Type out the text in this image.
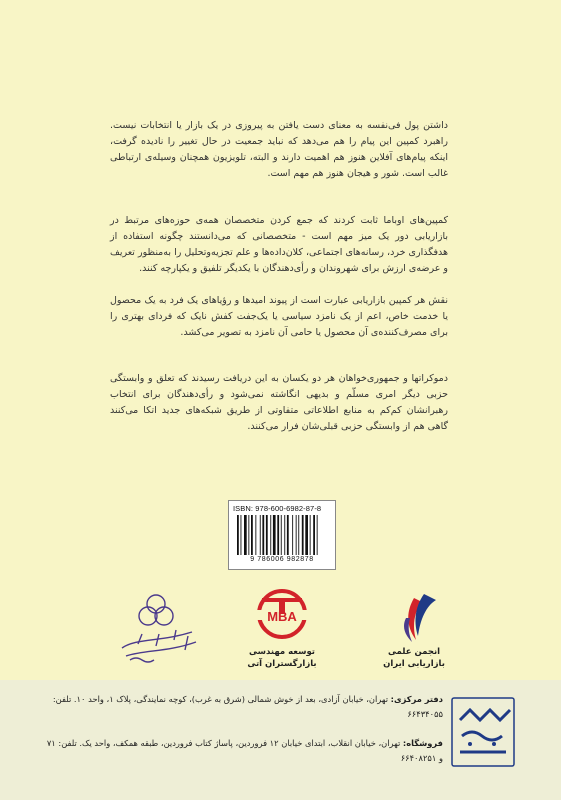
داشتن پول فی‌نفسه به معنای دست یافتن به پیروزی در یک بازار یا انتخابات نیست. راهبرد کمپین این پیام را هم می‌دهد که نباید جمعیت در حال تغییر را نادیده گرفت، اینکه پیام‌های آفلاین هنوز هم اهمیت دارند و البته، تلویزیون همچنان وسیله‌ی ارتباطی غالب است. شور و هیجان هنوز هم مهم است.
کمپین‌های اوباما ثابت کردند که جمع کردن متخصصان همه‌ی حوزه‌های مرتبط در بازاریابی دور یک میز مهم است - متخصصانی که می‌دانستند چگونه استفاده از هدفگذاری خرد، رسانه‌های اجتماعی، کلان‌داده‌ها و علم تجزیه‌وتحلیل را به‌منظور تعریف و عرضه‌ی ارزش برای شهروندان و رأی‌دهندگان با یکدیگر تلفیق و یکپارچه کنند.
نقش هر کمپین بازاریابی عبارت است از پیوند امیدها و رؤیاهای یک فرد به یک محصول یا خدمت خاص، اعم از یک نامزد سیاسی یا یک‌جفت کفش نایک که فردای بهتری را برای مصرف‌کننده‌ی آن محصول یا حامی آن نامزد به تصویر می‌کشد.
دموکراتها و جمهوری‌خواهان هر دو یکسان به این دریافت رسیدند که تعلق و وابستگی حزبی دیگر امری مسلّم و بدیهی انگاشته نمی‌شود و رأی‌دهندگان برای انتخاب رهبرانشان کم‌کم به منابع اطلاعاتی متفاوتی از طریق شبکه‌های جدید اتکا می‌کنند گاهی هم از وابستگی حزبی قبلی‌شان فرار می‌کنند.
ISBN: 978-600-6982-87-8
9 786006 982878
MBA
توسعه مهندسی
بازارگستران آتی
انجمن علمی
بازاریابی ایران
دفتر مرکزی: تهران، خیابان آزادی، بعد از خوش شمالی (شرق به غرب)، کوچه نمایندگی، پلاک ۱، واحد ۱۰. تلفن: ۶۶۴۳۴۰۵۵
فروشگاه: تهران، خیابان انقلاب، ابتدای خیابان ۱۲ فروردین، پاساژ کتاب فروردین، طبقه همکف، واحد یک. تلفن: ۷۱ و ۶۶۴۰۸۲۵۱
